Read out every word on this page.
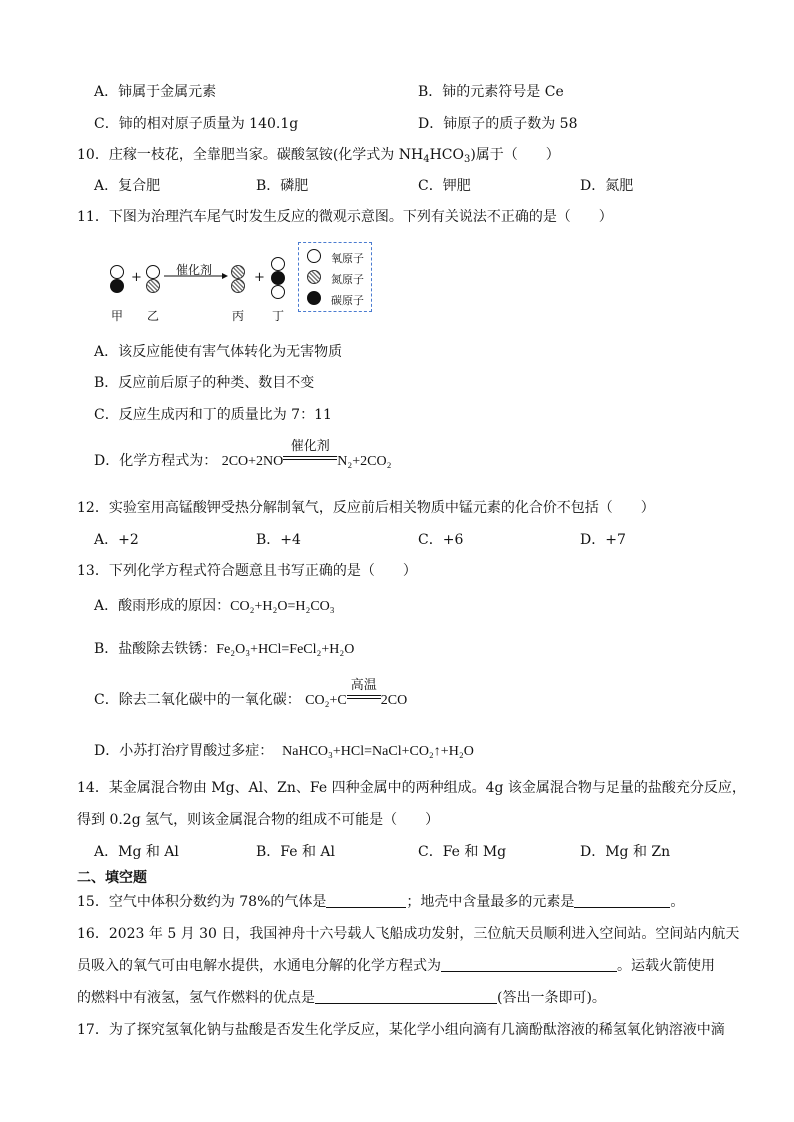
A．铈属于金属元素	B．铈的元素符号是 Ce
C．铈的相对原子质量为 140.1g	D．铈原子的质子数为 58
10．庄稼一枝花，全靠肥当家。碳酸氢铵(化学式为 $NH_4HCO_3$)属于（　　）
A．复合肥	B．磷肥	C．钾肥	D．氮肥
11．下图为治理汽车尾气时发生反应的微观示意图。下列有关说法不正确的是（　　）
+	催化剂	+
甲 乙	丙 丁
氧原子
氮原子
碳原子
A．该反应能使有害气体转化为无害物质
B．反应前后原子的种类、数目不变
C．反应生成丙和丁的质量比为 7：11
D．化学方程式为： 2CO+2NO
催化剂
N₂+2CO₂
12．实验室用高锰酸钾受热分解制氧气，反应前后相关物质中锰元素的化合价不包括（　　）
A．+2	B．+4	C．+6	D．+7
13．下列化学方程式符合题意且书写正确的是（　　）
A．酸雨形成的原因：CO₂+H₂O=H₂CO₃
B．盐酸除去铁锈：Fe₂O₃+HCl=FeCl₂+H₂O
C．除去二氧化碳中的一氧化碳： CO₂+C
高温
2CO
D．小苏打治疗胃酸过多症： NaHCO₃+HCl=NaCl+CO₂↑+H₂O
14．某金属混合物由 Mg、Al、Zn、Fe 四种金属中的两种组成。4g 该金属混合物与足量的盐酸充分反应，
得到 0.2g 氢气，则该金属混合物的组成不可能是（　　）
A．Mg 和 Al	B．Fe 和 Al	C．Fe 和 Mg	D．Mg 和 Zn
二、填空题
15．空气中体积分数约为 78%的气体是	；地壳中含量最多的元素是	。
16．2023 年 5 月 30 日，我国神舟十六号载人飞船成功发射，三位航天员顺利进入空间站。空间站内航天
员吸入的氧气可由电解水提供，水通电分解的化学方程式为	。运载火箭使用
的燃料中有液氢，氢气作燃料的优点是	(答出一条即可)。
17．为了探究氢氧化钠与盐酸是否发生化学反应，某化学小组向滴有几滴酚酞溶液的稀氢氧化钠溶液中滴
